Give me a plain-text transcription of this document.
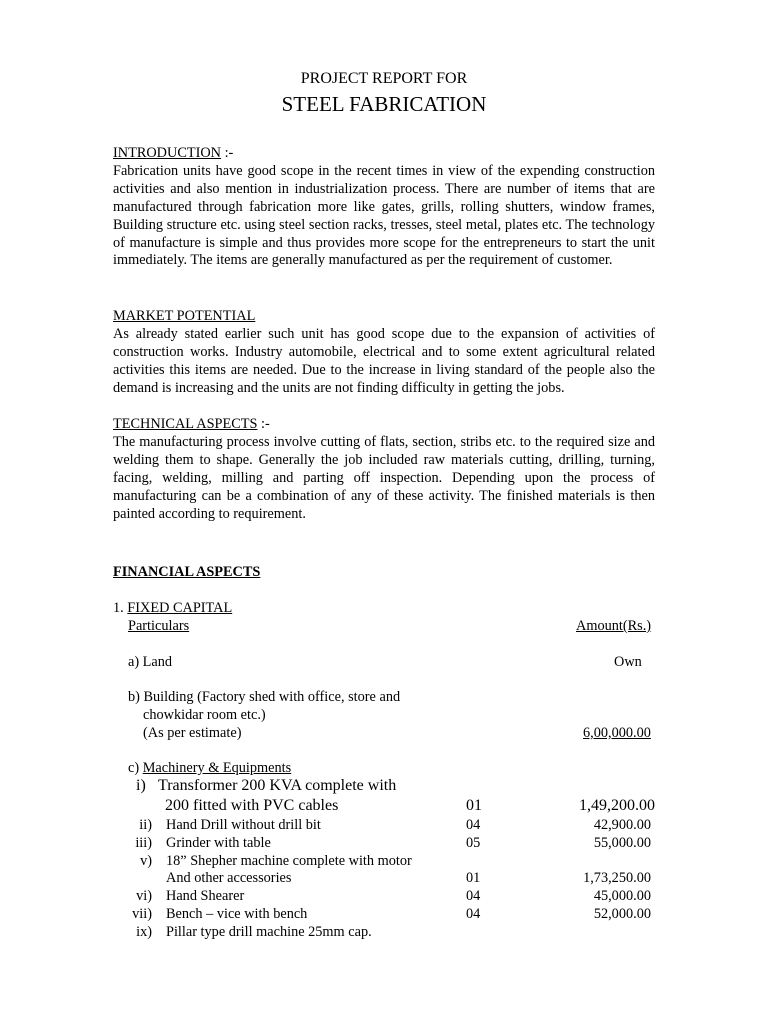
PROJECT REPORT FOR
STEEL FABRICATION
INTRODUCTION :-

Fabrication units have good scope in the recent times in view of the expending construction activities and also mention in industrialization process. There are number of items that are manufactured through fabrication more like gates, grills, rolling shutters, window frames, Building structure etc. using steel section racks, tresses, steel metal, plates etc. The technology of manufacture is simple and thus provides more scope for the entrepreneurs to start the unit immediately. The items are generally manufactured as per the requirement of customer.

MARKET POTENTIAL

As already stated earlier such unit has good scope due to the expansion of activities of construction works. Industry automobile, electrical and to some extent agricultural related activities this items are needed. Due to the increase in living standard of the people also the demand is increasing and the units are not finding difficulty in getting the jobs.

TECHNICAL ASPECTS :-

The manufacturing process involve cutting of flats, section, stribs etc. to the required size and welding them to shape. Generally the job included raw materials cutting, drilling, turning, facing, welding, milling and parting off inspection. Depending upon the process of manufacturing can be a combination of any of these activity. The finished materials is then painted according to requirement.

FINANCIAL ASPECTS
1. FIXED CAPITAL
Particulars	Amount(Rs.)
a) Land	Own
b) Building (Factory shed with office, store and
chowkidar room etc.)
(As per estimate)	6,00,000.00
c) Machinery & Equipments
i) Transformer 200 KVA complete with
200 fitted with PVC cables	01	1,49,200.00
ii) Hand Drill without drill bit	04	42,900.00
iii) Grinder with table	05	55,000.00
v) 18” Shepher machine complete with motor
And other accessories	01	1,73,250.00
vi) Hand Shearer	04	45,000.00
vii) Bench – vice with bench	04	52,000.00
ix) Pillar type drill machine 25mm cap.
